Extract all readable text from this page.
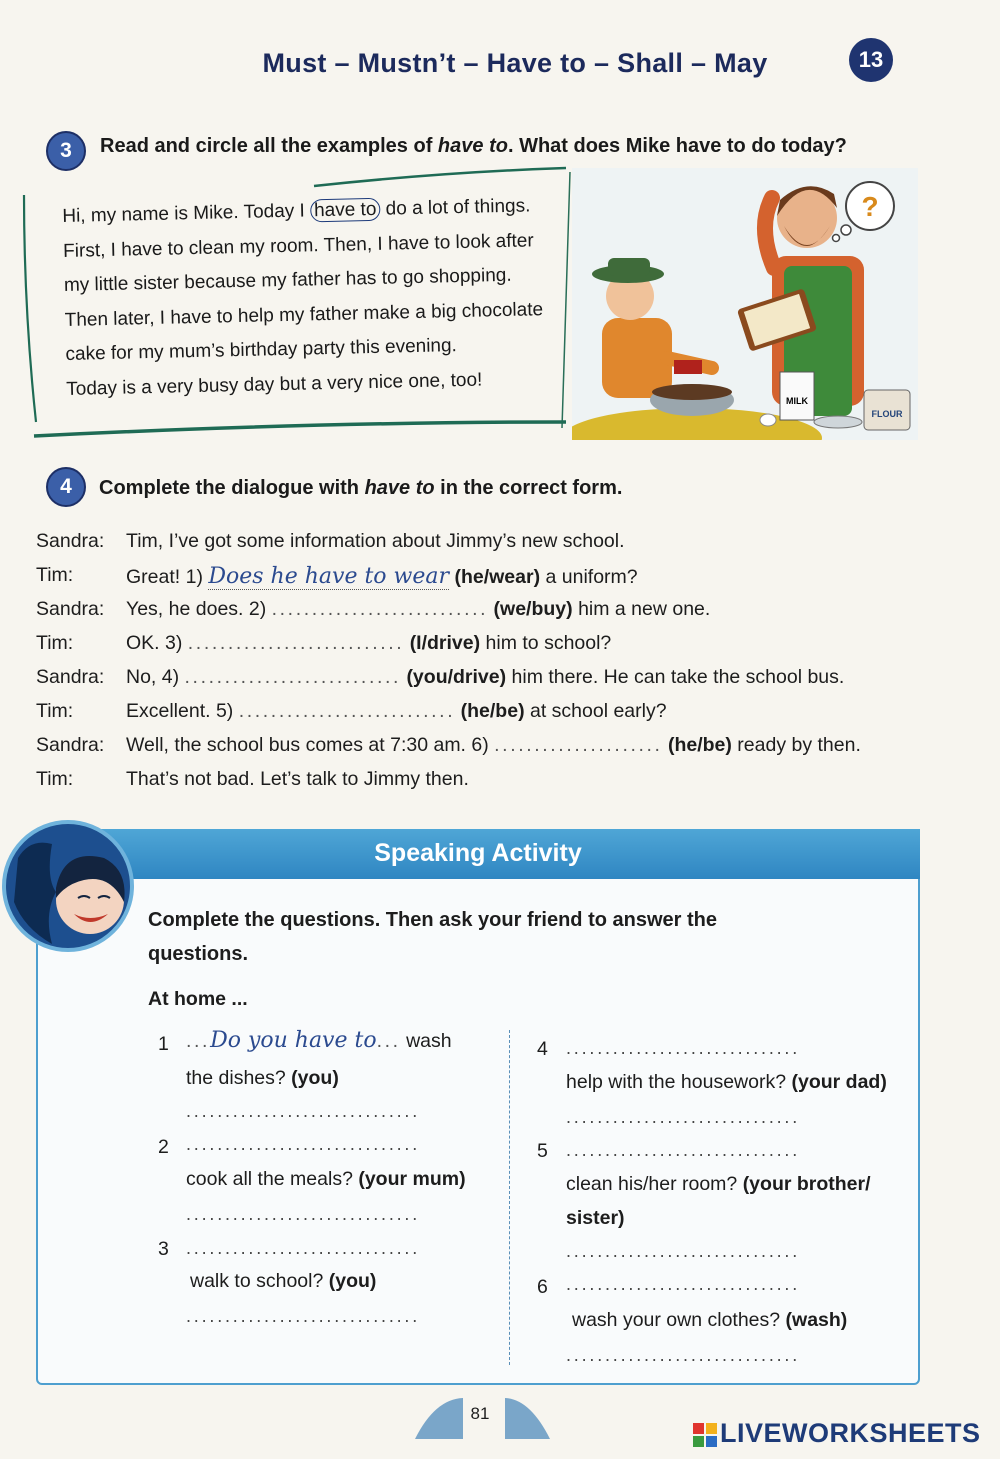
Must – Mustn’t – Have to – Shall – May	13
3	Read and circle all the examples of have to. What does Mike have to do today?
Hi, my name is Mike. Today I have to do a lot of things.
First, I have to clean my room. Then, I have to look after
my little sister because my father has to go shopping.
Then later, I have to help my father make a big chocolate
cake for my mum’s birthday party this evening.
Today is a very busy day but a very nice one, too!
?
MILK
FLOUR
4	Complete the dialogue with have to in the correct form.
Sandra: Tim, I’ve got some information about Jimmy’s new school.
Tim:	Great! 1) Does he have to wear (he/wear) a uniform?
Sandra: Yes, he does. 2) ........................... (we/buy) him a new one.
Tim:	OK. 3) ........................... (I/drive) him to school?
Sandra: No, 4) ........................... (you/drive) him there. He can take the school bus.
Tim:	Excellent. 5) ........................... (he/be) at school early?
Sandra: Well, the school bus comes at 7:30 am. 6) ..................... (he/be) ready by then.
Tim:	That’s not bad. Let’s talk to Jimmy then.
Speaking Activity
Complete the questions. Then ask your friend to answer the
questions.
At home ...
1 ...Do you have to... wash
the dishes? (you)
..............................
2 ..............................
cook all the meals? (your mum)
..............................
3 ..............................
walk to school? (you)
..............................
4 ..............................
help with the housework? (your dad)
..............................
5 ..............................
clean his/her room? (your brother/
sister)
..............................
6 ..............................
wash your own clothes? (wash)
..............................
81
LIVEWORKSHEETS
